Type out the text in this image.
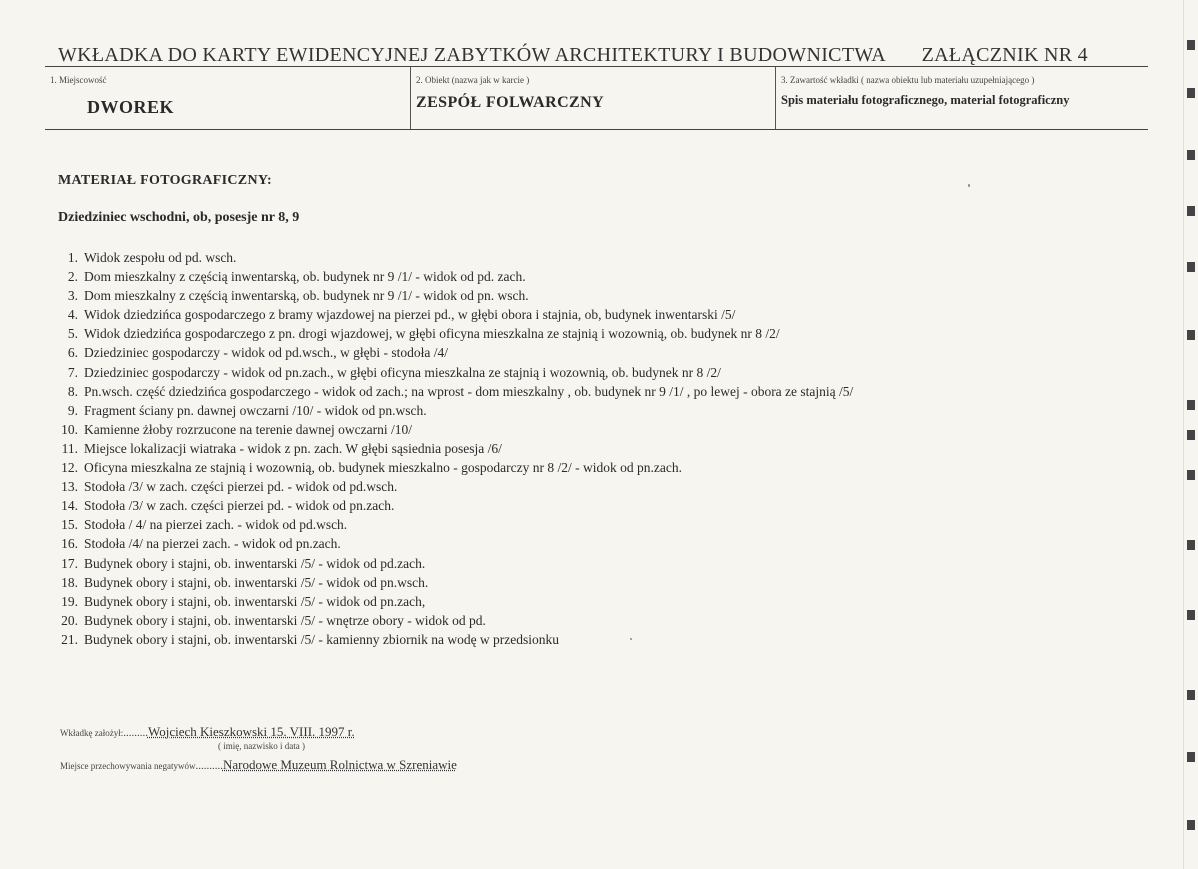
WKŁADKA DO KARTY EWIDENCYJNEJ ZABYTKÓW ARCHITEKTURY I BUDOWNICTWA ZAŁĄCZNIK NR 4
1. Miejscowość
DWOREK
2. Obiekt (nazwa jak w karcie )
ZESPÓŁ FOLWARCZNY
3. Zawartość wkładki ( nazwa obiektu lub materiału uzupełniającego )
Spis materiału fotograficznego, material fotograficzny
MATERIAŁ FOTOGRAFICZNY:
Dziedziniec wschodni, ob, posesje nr 8, 9
1. Widok zespołu od pd. wsch.
2. Dom mieszkalny z częścią inwentarską, ob. budynek nr 9 /1/ - widok od pd. zach.
3. Dom mieszkalny z częścią inwentarską, ob. budynek nr 9 /1/ - widok od pn. wsch.
4. Widok dziedzińca gospodarczego z bramy wjazdowej na pierzei pd., w głębi obora i stajnia, ob, budynek inwentarski /5/
5. Widok dziedzińca gospodarczego z pn. drogi wjazdowej, w głębi oficyna mieszkalna ze stajnią i wozownią, ob. budynek nr 8 /2/
6. Dziedziniec gospodarczy - widok od pd.wsch., w głębi - stodoła /4/
7. Dziedziniec gospodarczy - widok od pn.zach., w głębi oficyna mieszkalna ze stajnią i wozownią, ob. budynek nr 8 /2/
8. Pn.wsch. część dziedzińca gospodarczego - widok od zach.; na wprost - dom mieszkalny , ob. budynek nr 9 /1/ , po lewej - obora ze stajnią /5/
9. Fragment ściany pn. dawnej owczarni /10/ - widok od pn.wsch.
10. Kamienne żłoby rozrzucone na terenie dawnej owczarni /10/
11. Miejsce lokalizacji wiatraka - widok z pn. zach. W głębi sąsiednia posesja /6/
12. Oficyna mieszkalna ze stajnią i wozownią, ob. budynek mieszkalno - gospodarczy nr 8 /2/ - widok od pn.zach.
13. Stodoła /3/ w zach. części pierzei pd. - widok od pd.wsch.
14. Stodoła /3/ w zach. części pierzei pd. - widok od pn.zach.
15. Stodoła / 4/ na pierzei zach. - widok od pd.wsch.
16. Stodoła /4/ na pierzei zach. - widok od pn.zach.
17. Budynek obory i stajni, ob. inwentarski /5/ - widok od pd.zach.
18. Budynek obory i stajni, ob. inwentarski /5/ - widok od pn.wsch.
19. Budynek obory i stajni, ob. inwentarski /5/ - widok od pn.zach,
20. Budynek obory i stajni, ob. inwentarski /5/ - wnętrze obory - widok od pd.
21. Budynek obory i stajni, ob. inwentarski /5/ - kamienny zbiornik na wodę w przedsionku
Wkładkę założył:.........Wojciech Kieszkowski 15. VIII. 1997 r.
( imię, nazwisko i data )
Miejsce przechowywania negatywów..........Narodowe Muzeum Rolnictwa w Szreniawie
